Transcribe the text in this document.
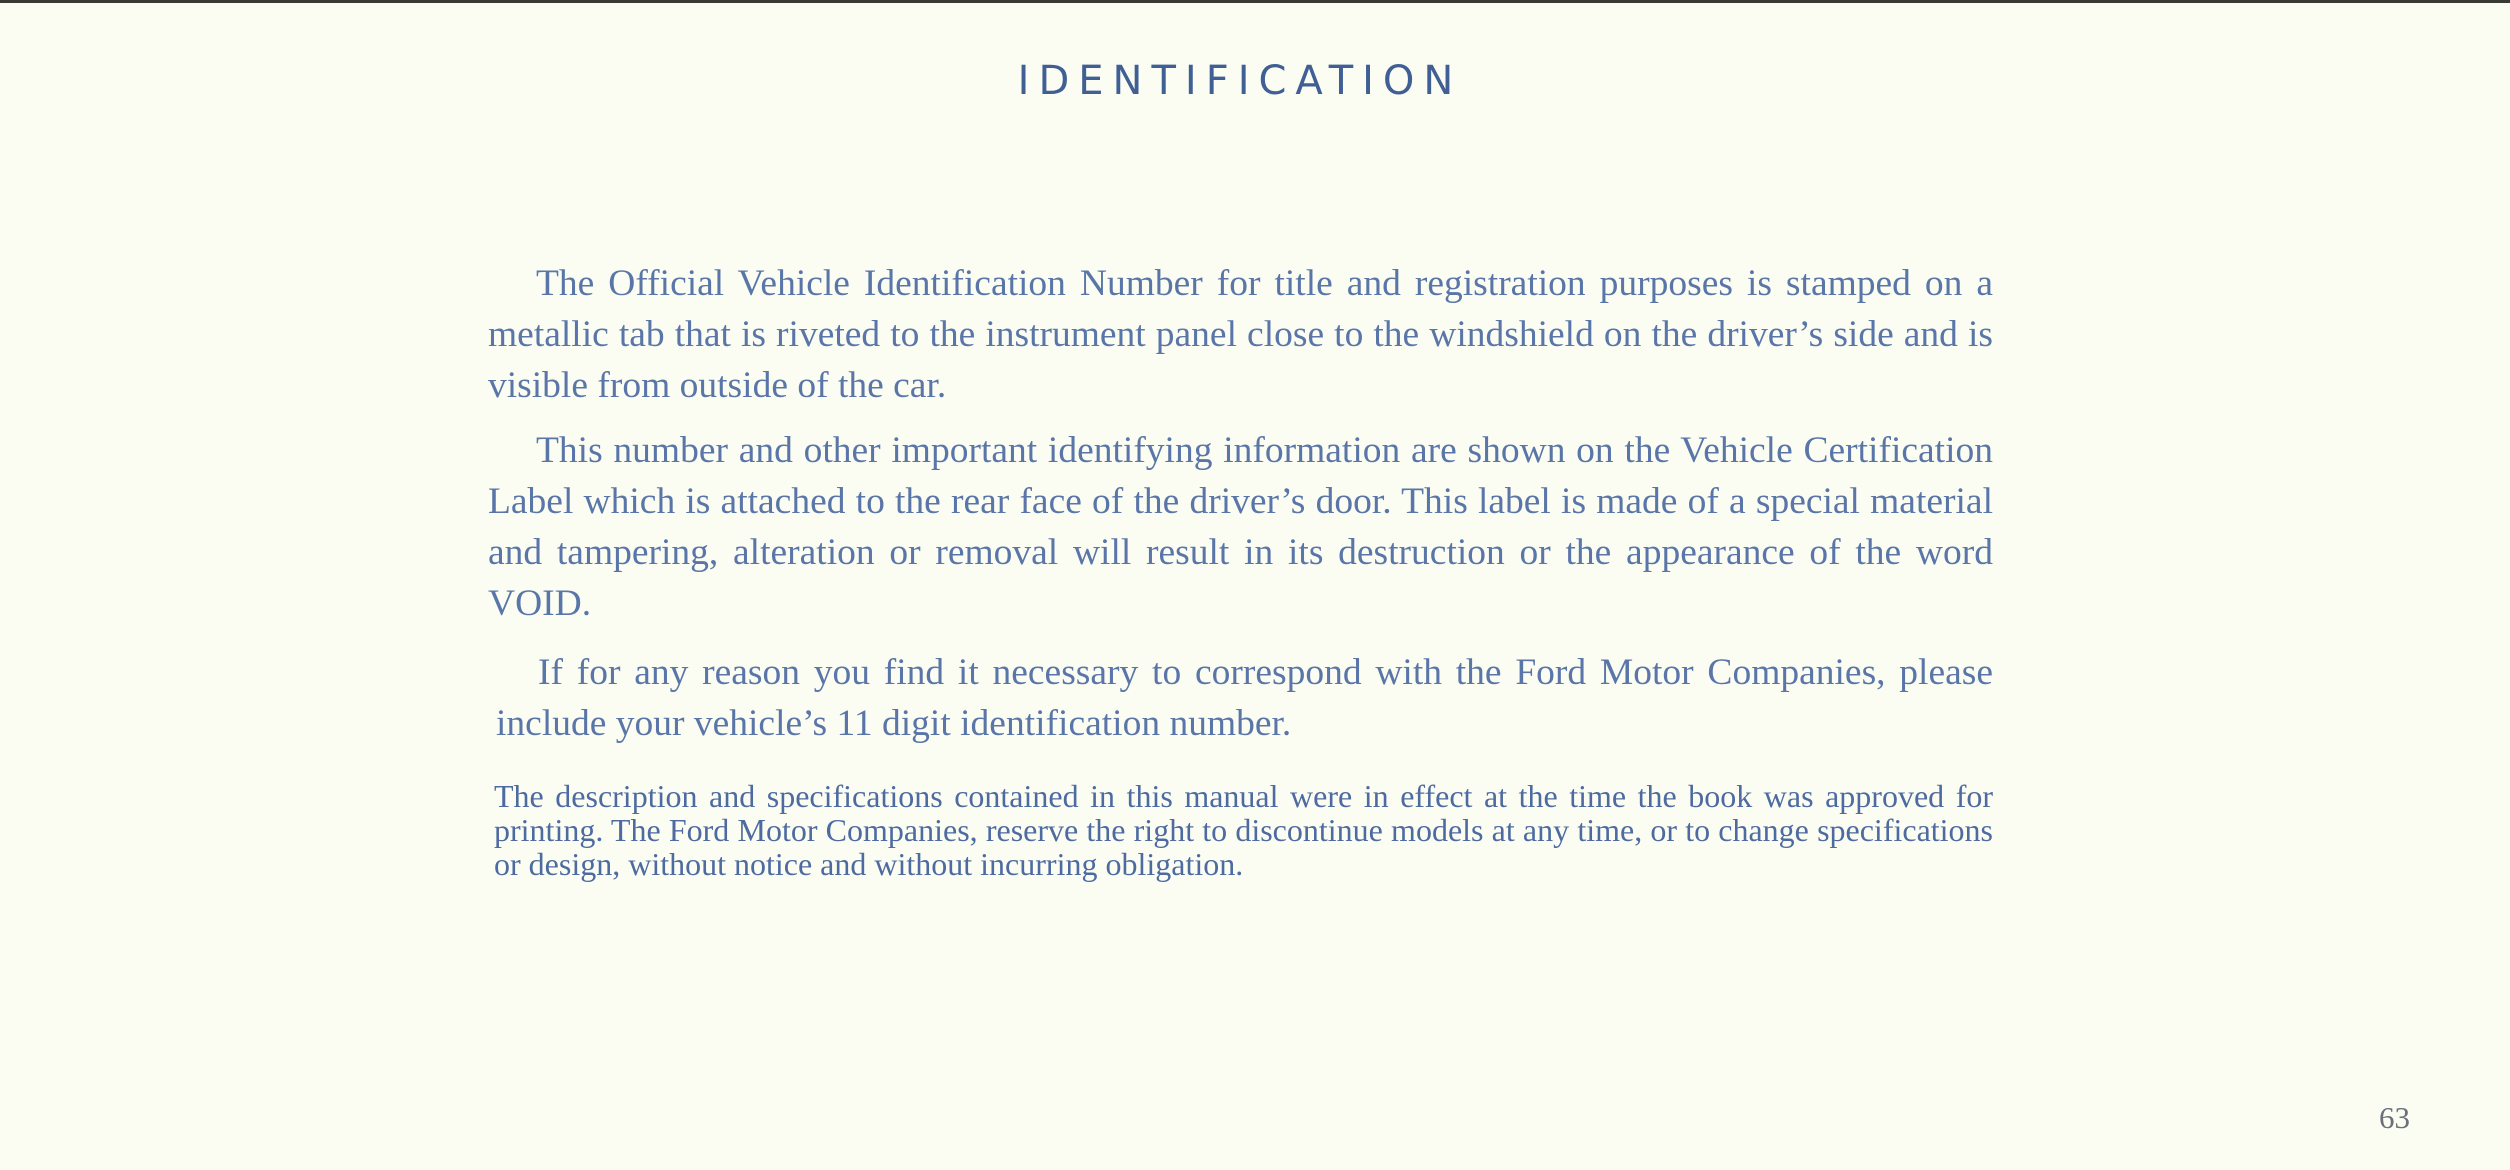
IDENTIFICATION

The Official Vehicle Identification Number for title and registration purposes is stamped on a metallic tab that is riveted to the instrument panel close to the windshield on the driver’s side and is visible from outside of the car.

This number and other important identifying information are shown on the Vehicle Certification Label which is attached to the rear face of the driver’s door. This label is made of a special material and tampering, alteration or removal will result in its destruction or the appearance of the word VOID.

If for any reason you find it necessary to correspond with the Ford Motor Companies, please include your vehicle’s 11 digit identification number.

The description and specifications contained in this manual were in effect at the time the book was approved for printing. The Ford Motor Companies, reserve the right to discontinue models at any time, or to change specifications or design, without notice and without incurring obligation.

63
